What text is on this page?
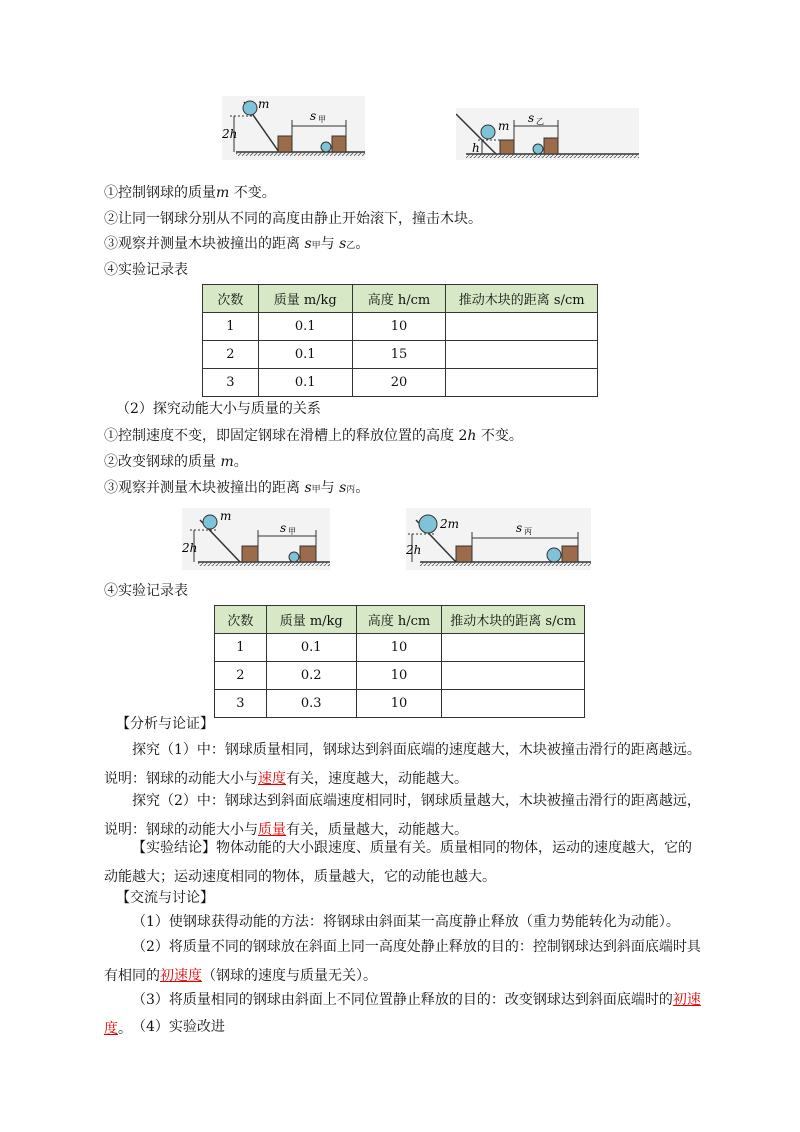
m
2h
s 甲	m
h
s 乙
①控制钢球的质量m 不变。
②让同一钢球分别从不同的高度由静止开始滚下，撞击木块。
③观察并测量木块被撞出的距离 s甲与 s乙。
④实验记录表
次数	质量 m/kg	高度 h/cm	推动木块的距离 s/cm
1	0.1	10	
2	0.1	15	
3	0.1	20	
（2）探究动能大小与质量的关系
①控制速度不变，即固定钢球在滑槽上的释放位置的高度 2h 不变。
②改变钢球的质量 m。
③观察并测量木块被撞出的距离 s甲与 s丙。
m
2h
s 甲
2m
2h
s 丙
④实验记录表
次数	质量 m/kg	高度 h/cm	推动木块的距离 s/cm
1	0.1	10	
2	0.2	10	
3	0.3	10	
【分析与论证】
探究（1）中：钢球质量相同，钢球达到斜面底端的速度越大，木块被撞击滑行的距离越远。说明：钢球的动能大小与速度有关，速度越大，动能越大。
探究（2）中：钢球达到斜面底端速度相同时，钢球质量越大，木块被撞击滑行的距离越远，说明：钢球的动能大小与质量有关，质量越大，动能越大。
【实验结论】物体动能的大小跟速度、质量有关。质量相同的物体，运动的速度越大，它的动能越大；运动速度相同的物体，质量越大，它的动能也越大。
【交流与讨论】
（1）使钢球获得动能的方法：将钢球由斜面某一高度静止释放（重力势能转化为动能）。
（2）将质量不同的钢球放在斜面上同一高度处静止释放的目的：控制钢球达到斜面底端时具有相同的初速度（钢球的速度与质量无关）。
（3）将质量相同的钢球由斜面上不同位置静止释放的目的：改变钢球达到斜面底端时的初速度。 （4）实验改进
